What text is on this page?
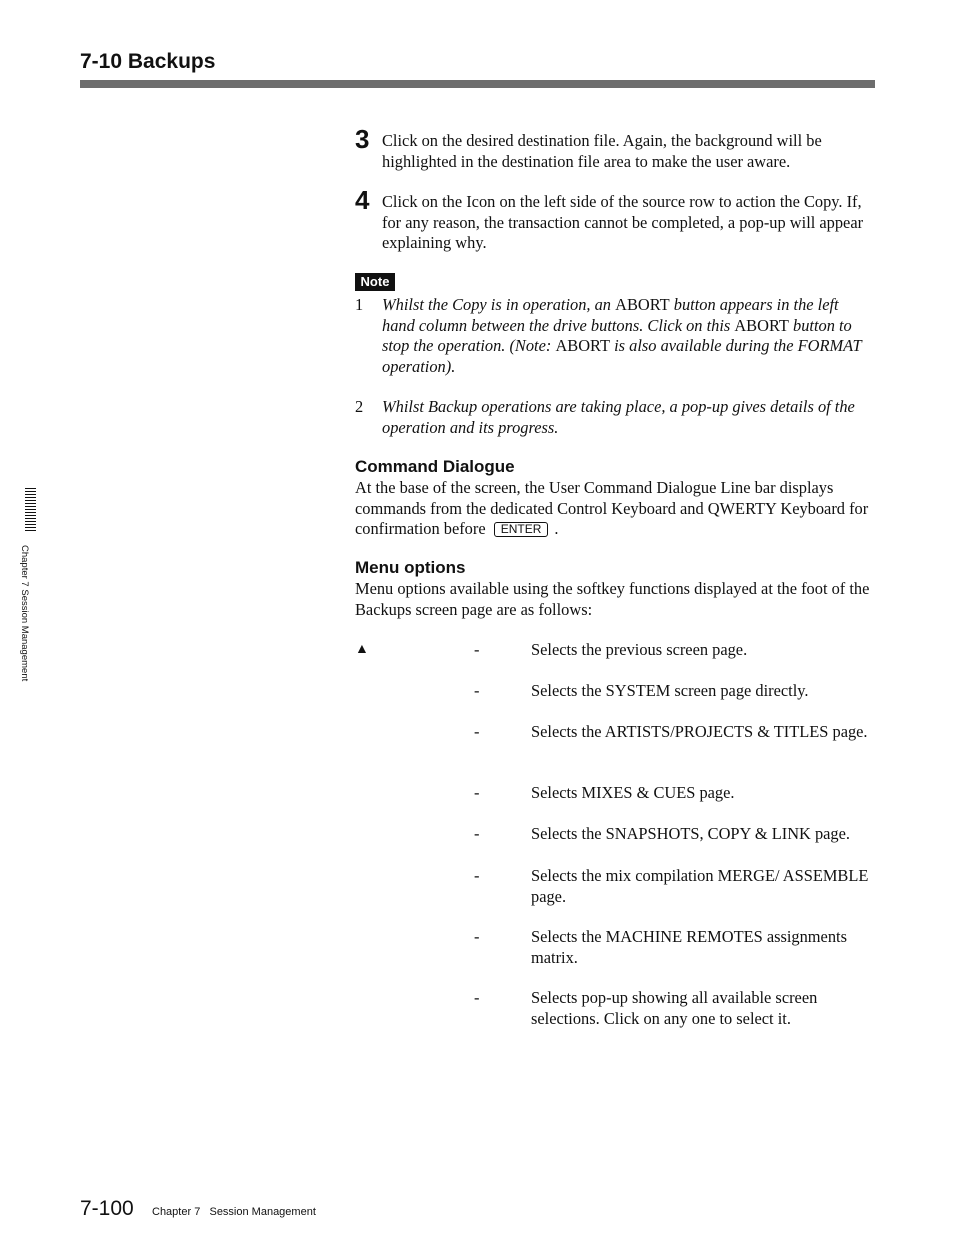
7-10 Backups
3 Click on the desired destination file. Again, the background will be highlighted in the destination file area to make the user aware.
4 Click on the Icon on the left side of the source row to action the Copy. If, for any reason, the transaction cannot be completed, a pop-up will appear explaining why.
Note
1 Whilst the Copy is in operation, an ABORT button appears in the left hand column between the drive buttons. Click on this ABORT button to stop the operation. (Note: ABORT is also available during the FORMAT operation).
2 Whilst Backup operations are taking place, a pop-up gives details of the operation and its progress.
Command Dialogue
At the base of the screen, the User Command Dialogue Line bar displays commands from the dedicated Control Keyboard and QWERTY Keyboard for confirmation before ENTER .
Menu options
Menu options available using the softkey functions displayed at the foot of the Backups screen page are as follows:
▲	-	Selects the previous screen page.
-	Selects the SYSTEM screen page directly.
-	Selects the ARTISTS/PROJECTS & TITLES page.
-	Selects MIXES & CUES page.
-	Selects the SNAPSHOTS, COPY & LINK page.
-	Selects the mix compilation MERGE/ ASSEMBLE page.
-	Selects the MACHINE REMOTES assignments matrix.
-	Selects pop-up showing all available screen selections. Click on any one to select it.
Chapter 7 Session Management
7-100 Chapter 7   Session Management
